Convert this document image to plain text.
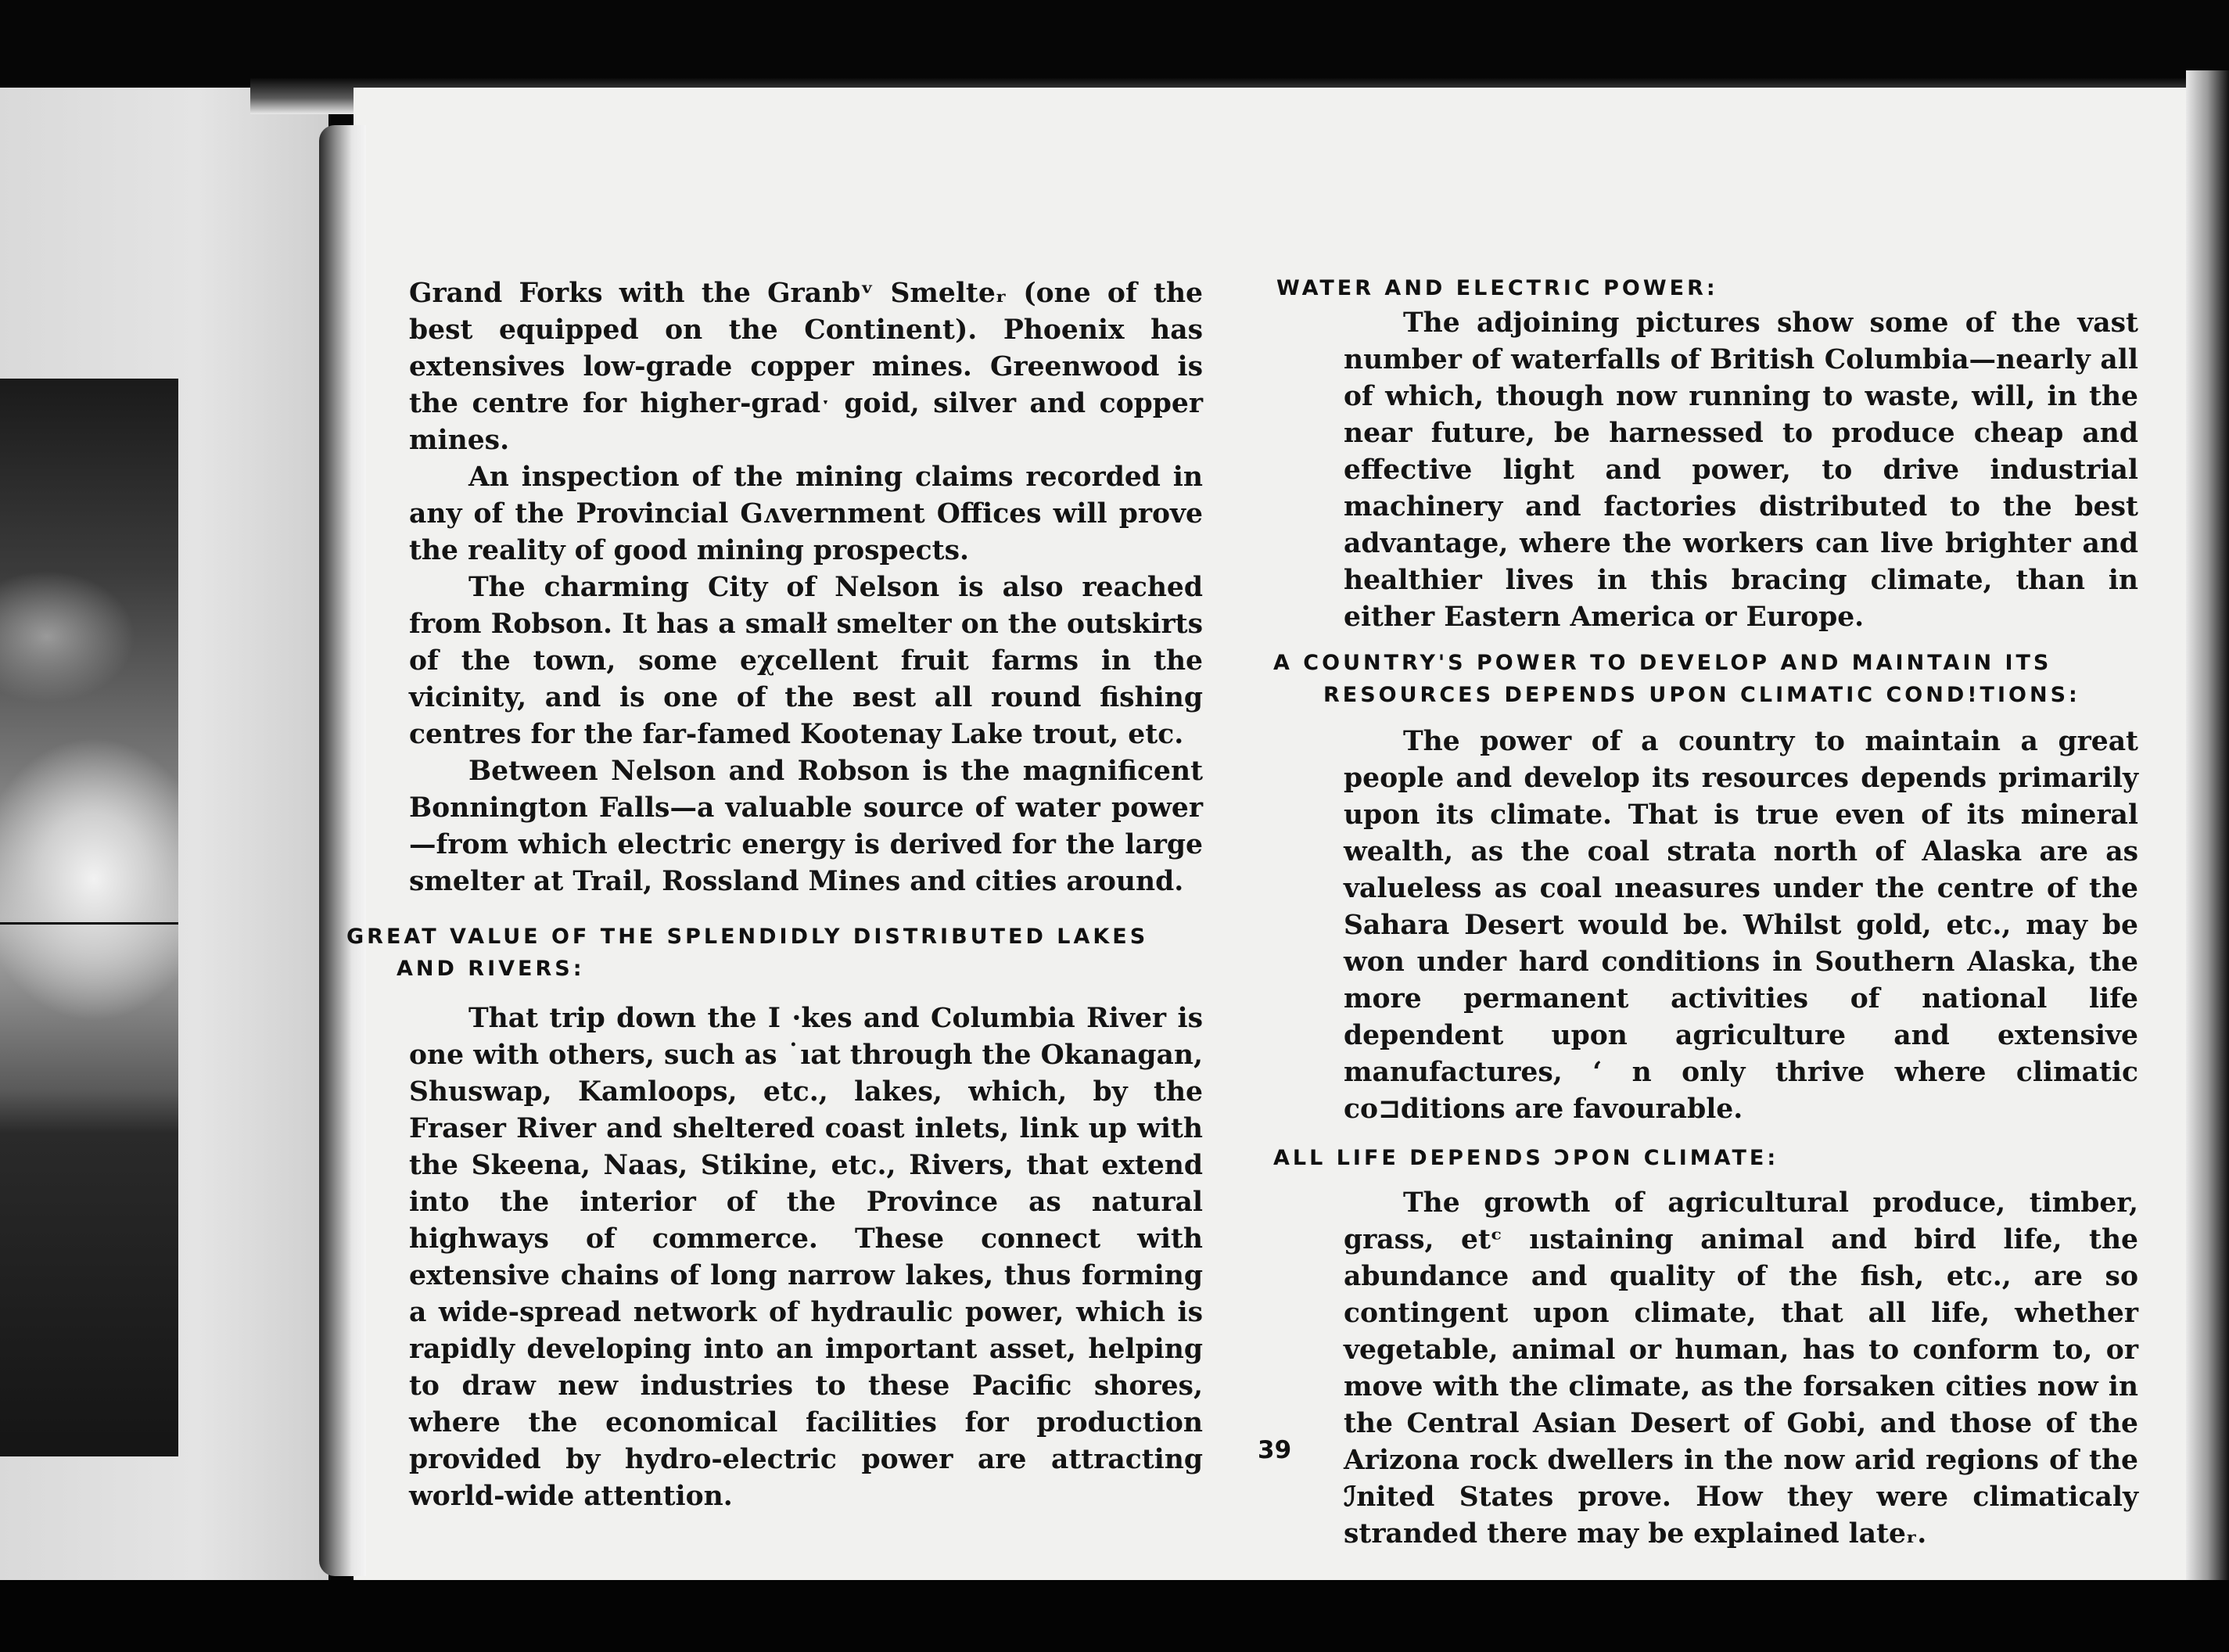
Grand Forks with the Granbᵛ Smelteᵣ (one of the best equipped on the Continent). Phoenix has extensives low-grade copper mines. Greenwood is the centre for higher-gradˑ goid, silver and copper mines.

An inspection of the mining claims recorded in any of the Provincial Gʌvernment Offices will prove the reality of good mining prospects.

The charming City of Nelson is also reached from Robson. It has a smalł smelter on the outskirts of the town, some eχcellent fruit farms in the vicinity, and is one of the вest all round fishing centres for the far-famed Kootenay Lake trout, etc.

Between Nelson and Robson is the magnificent Bonnington Falls—a valuable source of water power—from which electric energy is derived for the large smelter at Trail, Rossland Mines and cities around.

GREAT VALUE OF THE SPLENDIDLY DISTRIBUTED LAKES
AND RIVERS:

That trip down the I ·kes and Columbia River is one with others, such as ˙ıat through the Okanagan, Shuswap, Kamloops, etc., lakes, which, by the Fraser River and sheltered coast inlets, link up with the Skeena, Naas, Stikine, etc., Rivers, that extend into the interior of the Province as natural highways of commerce. These connect with extensive chains of long narrow lakes, thus forming a wide-spread network of hydraulic power, which is rapidly developing into an important asset, helping to draw new industries to these Pacific shores, where the economical facilities for production provided by hydro-electric power are attracting world-wide attention.

WATER AND ELECTRIC POWER:

The adjoining pictures show some of the vast number of waterfalls of British Columbia—nearly all of which, though now running to waste, will, in the near future, be harnessed to produce cheap and effective light and power, to drive industrial machinery and factories distributed to the best advantage, where the workers can live brighter and healthier lives in this bracing climate, than in either Eastern America or Europe.

A COUNTRY'S POWER TO DEVELOP AND MAINTAIN ITS
RESOURCES DEPENDS UPON CLIMATIC COND!TIONS:

The power of a country to maintain a great people and develop its resources depends primarily upon its climate. That is true even of its mineral wealth, as the coal strata north of Alaska are as valueless as coal ıneasures under the centre of the Sahara Desert would be. Whilst gold, etc., may be won under hard conditions in Southern Alaska, the more permanent activities of national life dependent upon agriculture and extensive manufactures, ‘ n only thrive where climatic co⊐ditions are favourable.

ALL LIFE DEPENDS ƆPON CLIMATE:

The growth of agricultural produce, timber, grass, etᶜ ııstaining animal and bird life, the abundance and quality of the fish, etc., are so contingent upon climate, that all life, whether vegetable, animal or human, has to conform to, or move with the climate, as the forsaken cities now in the Central Asian Desert of Gobi, and those of the Arizona rock dwellers in the now arid regions of the ℐnited States prove. How they were climaticaly stranded there may be explained lateᵣ.

39
